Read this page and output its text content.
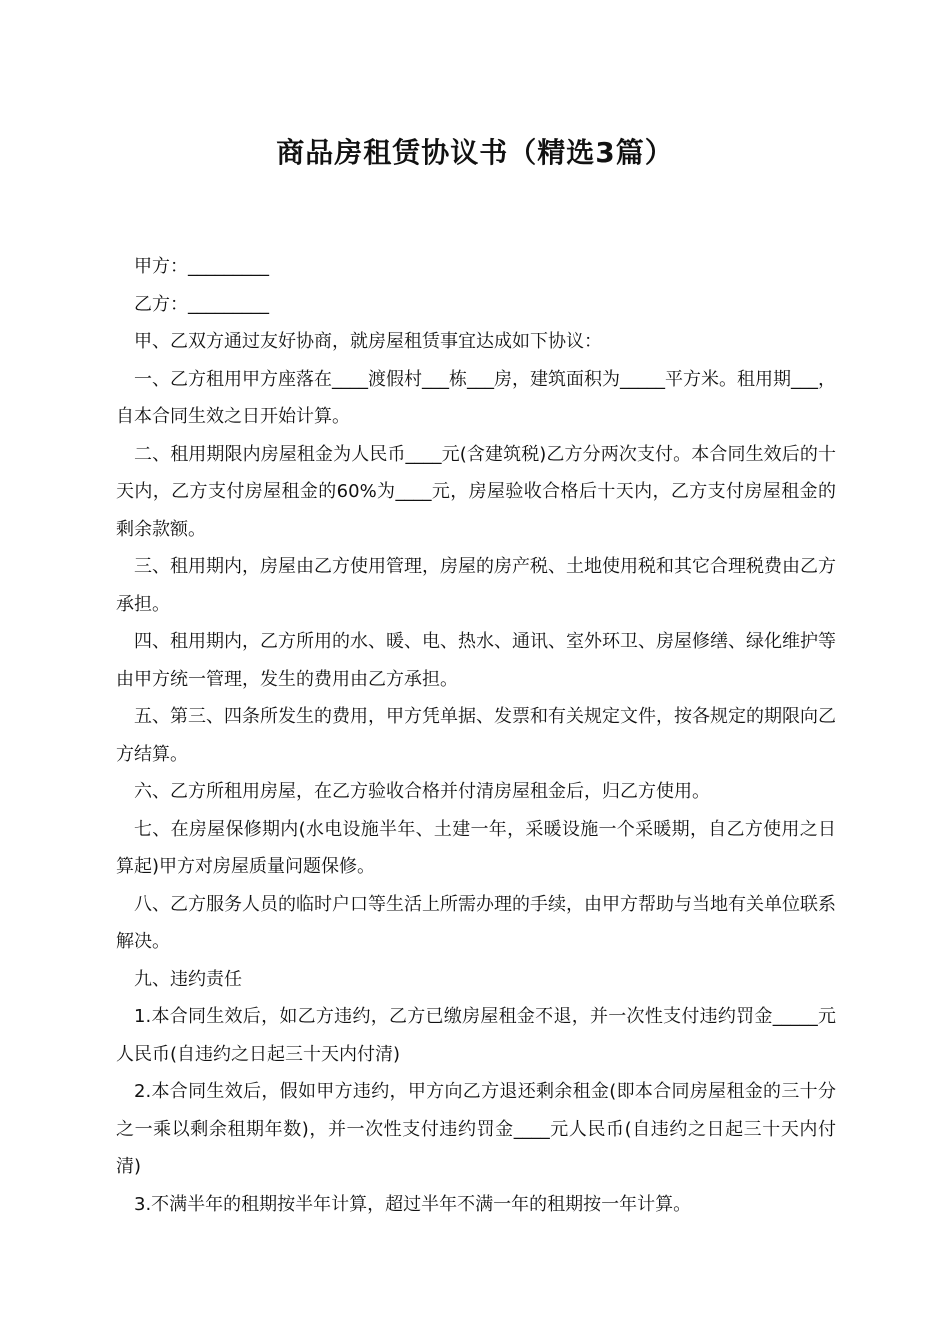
商品房租赁协议书（精选3篇）

甲方：_________

乙方：_________

甲、乙双方通过友好协商，就房屋租赁事宜达成如下协议：

一、乙方租用甲方座落在____渡假村___栋___房，建筑面积为_____平方米。租用期___，自本合同生效之日开始计算。

二、租用期限内房屋租金为人民币____元(含建筑税)乙方分两次支付。本合同生效后的十天内，乙方支付房屋租金的60%为____元，房屋验收合格后十天内，乙方支付房屋租金的剩余款额。

三、租用期内，房屋由乙方使用管理，房屋的房产税、土地使用税和其它合理税费由乙方承担。

四、租用期内，乙方所用的水、暖、电、热水、通讯、室外环卫、房屋修缮、绿化维护等由甲方统一管理，发生的费用由乙方承担。

五、第三、四条所发生的费用，甲方凭单据、发票和有关规定文件，按各规定的期限向乙方结算。

六、乙方所租用房屋，在乙方验收合格并付清房屋租金后，归乙方使用。

七、在房屋保修期内(水电设施半年、土建一年，采暖设施一个采暖期，自乙方使用之日算起)甲方对房屋质量问题保修。

八、乙方服务人员的临时户口等生活上所需办理的手续，由甲方帮助与当地有关单位联系解决。

九、违约责任

1.本合同生效后，如乙方违约，乙方已缴房屋租金不退，并一次性支付违约罚金_____元人民币(自违约之日起三十天内付清)

2.本合同生效后，假如甲方违约，甲方向乙方退还剩余租金(即本合同房屋租金的三十分之一乘以剩余租期年数)，并一次性支付违约罚金____元人民币(自违约之日起三十天内付清)

3.不满半年的租期按半年计算，超过半年不满一年的租期按一年计算。
